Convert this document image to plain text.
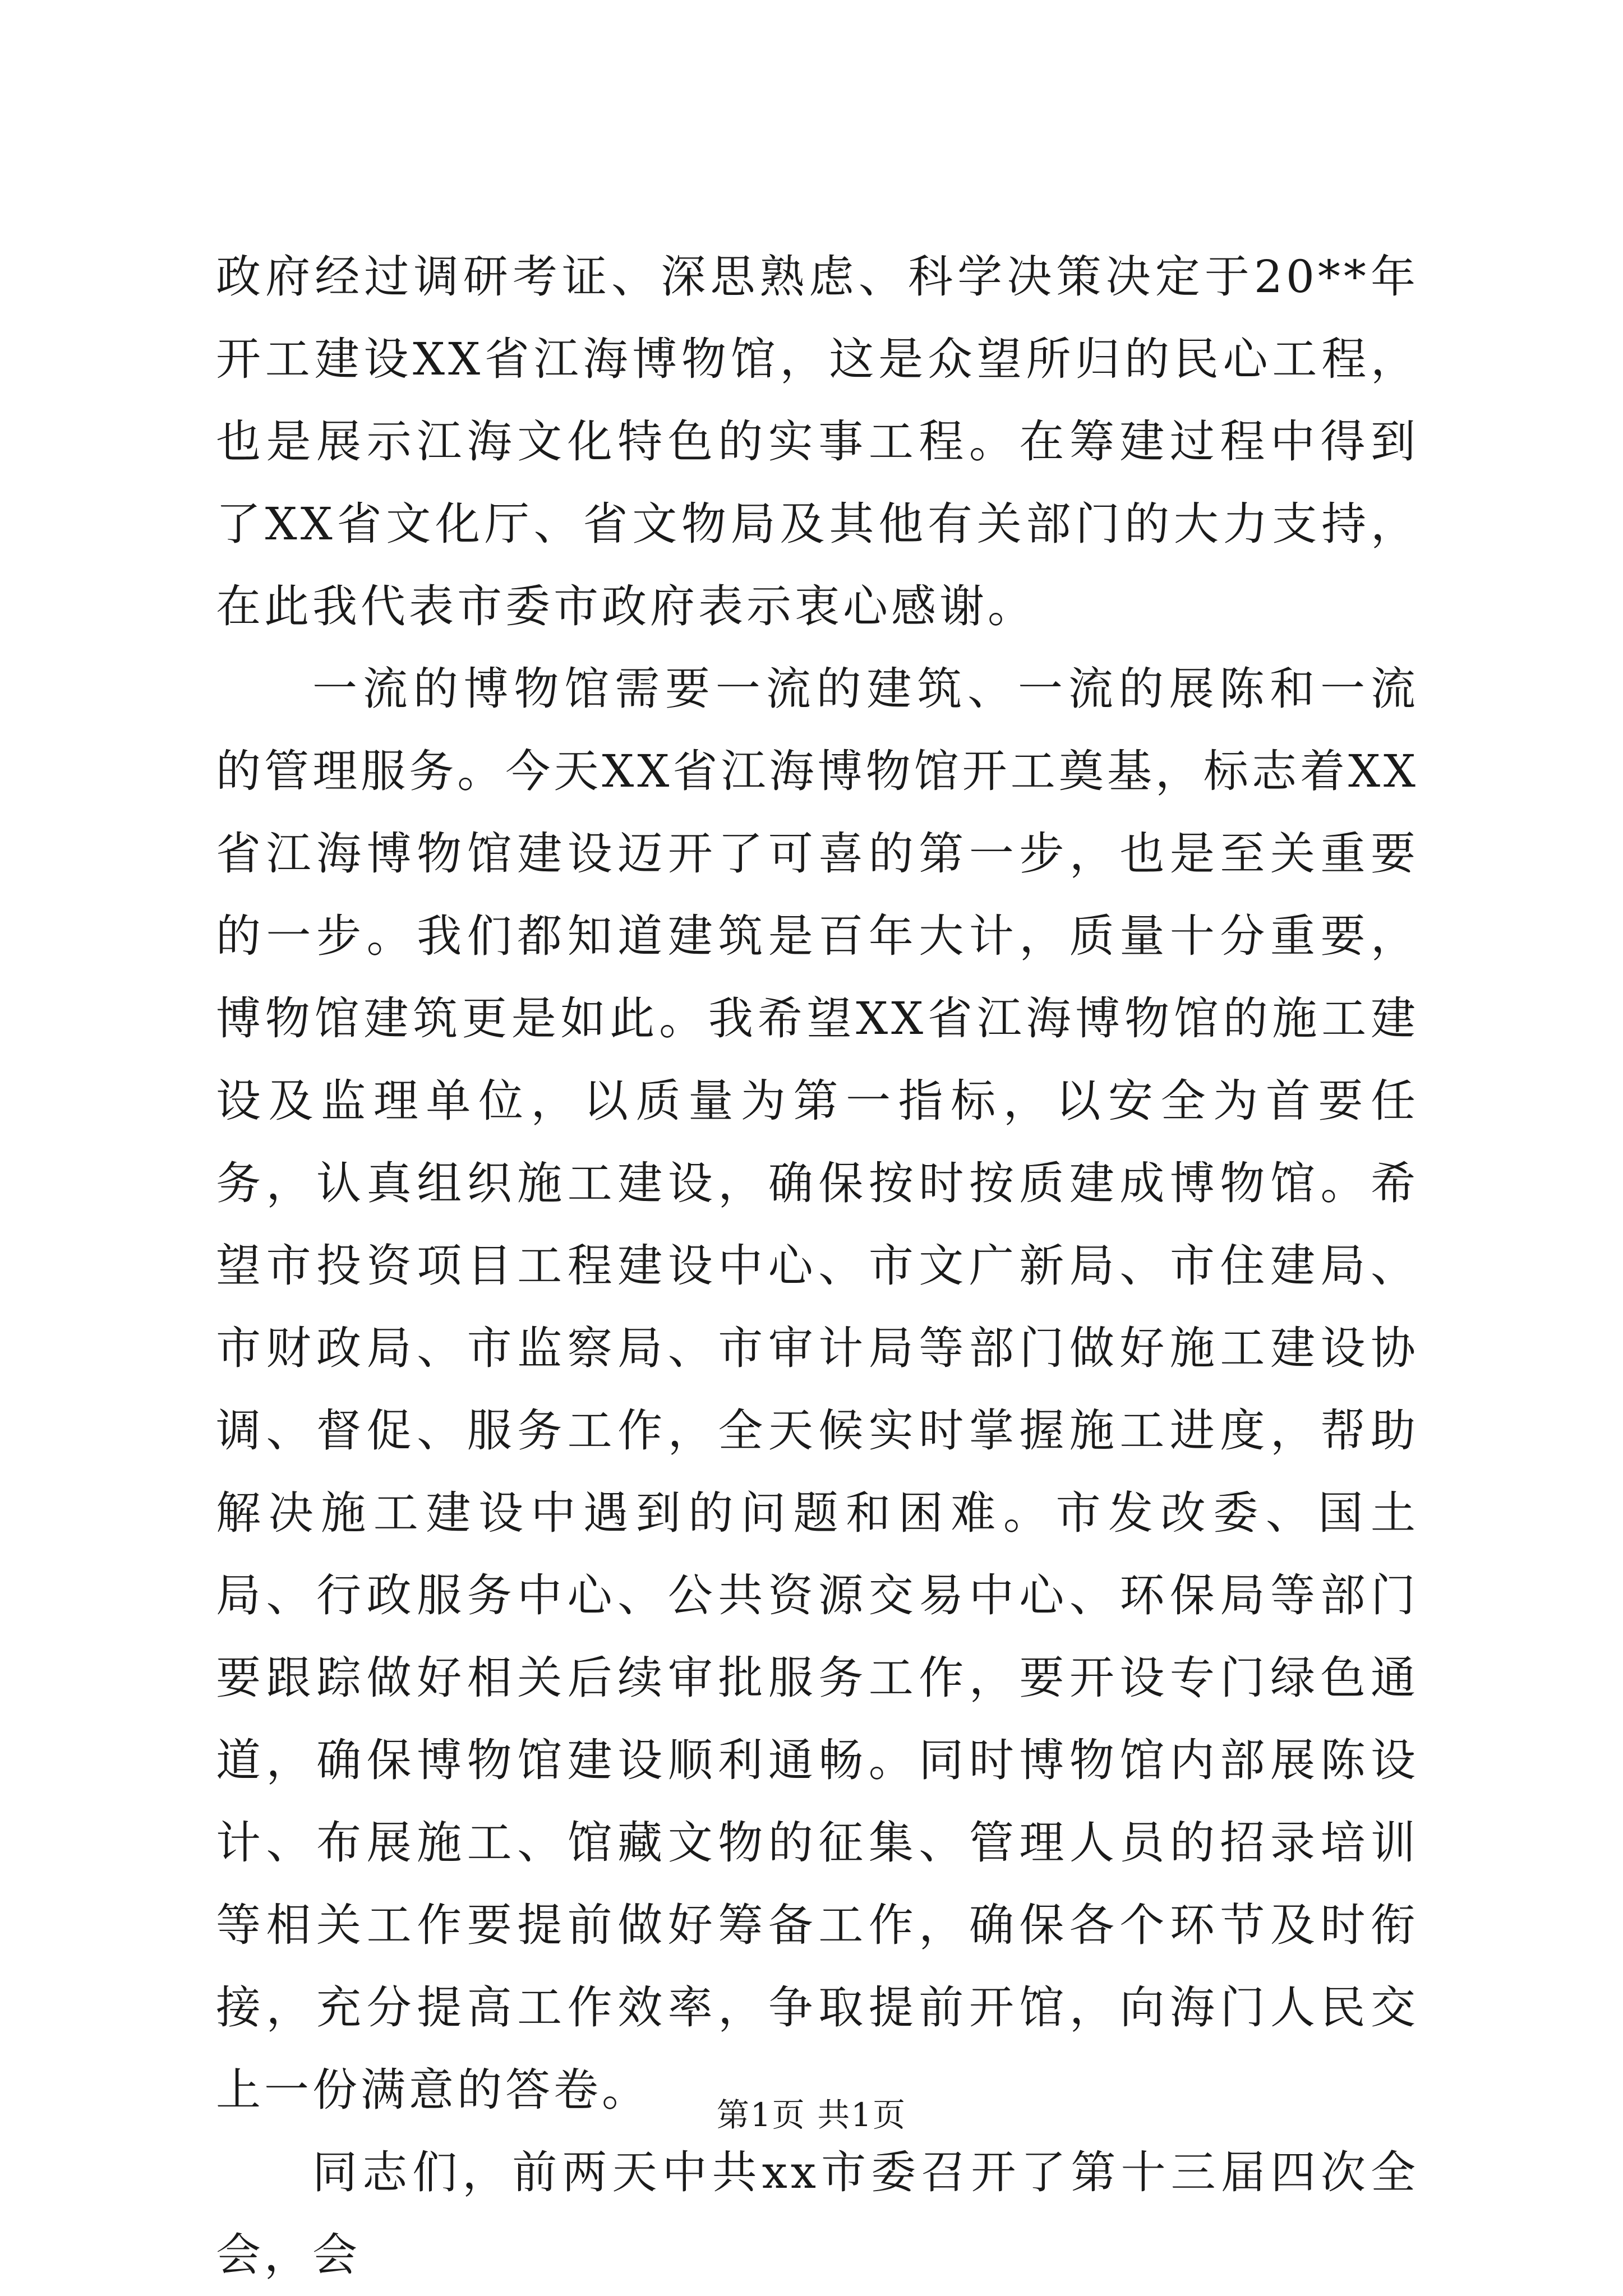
政府经过调研考证、深思熟虑、科学决策决定于20**年开工建设XX省江海博物馆，这是众望所归的民心工程，也是展示江海文化特色的实事工程。在筹建过程中得到了XX省文化厅、省文物局及其他有关部门的大力支持，在此我代表市委市政府表示衷心感谢。

一流的博物馆需要一流的建筑、一流的展陈和一流的管理服务。今天XX省江海博物馆开工奠基，标志着XX省江海博物馆建设迈开了可喜的第一步，也是至关重要的一步。我们都知道建筑是百年大计，质量十分重要，博物馆建筑更是如此。我希望XX省江海博物馆的施工建设及监理单位，以质量为第一指标，以安全为首要任务，认真组织施工建设，确保按时按质建成博物馆。希望市投资项目工程建设中心、市文广新局、市住建局、市财政局、市监察局、市审计局等部门做好施工建设协调、督促、服务工作，全天候实时掌握施工进度，帮助解决施工建设中遇到的问题和困难。市发改委、国土局、行政服务中心、公共资源交易中心、环保局等部门要跟踪做好相关后续审批服务工作，要开设专门绿色通道，确保博物馆建设顺利通畅。同时博物馆内部展陈设计、布展施工、馆藏文物的征集、管理人员的招录培训等相关工作要提前做好筹备工作，确保各个环节及时衔接，充分提高工作效率，争取提前开馆，向海门人民交上一份满意的答卷。

同志们，前两天中共xx市委召开了第十三届四次全会，会

第1页 共1页
